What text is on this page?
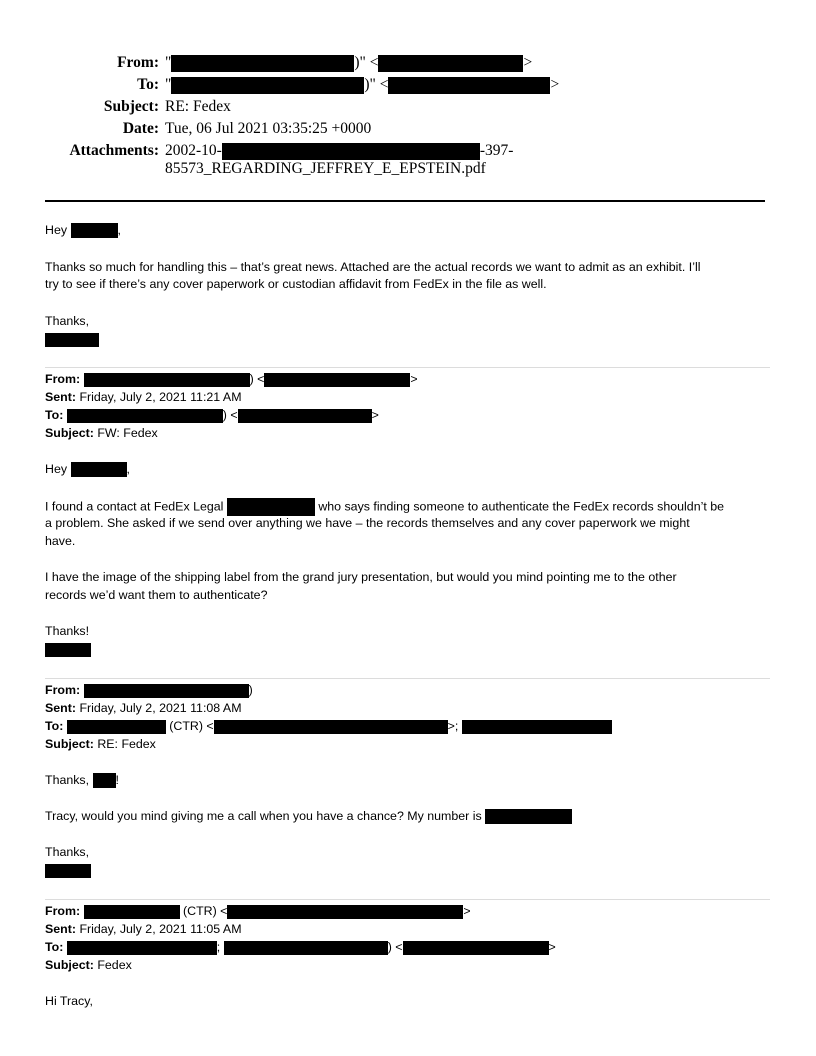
From: "	)" <	>
To: "	)" <	>
Subject: RE: Fedex
Date: Tue, 06 Jul 2021 03:35:25 +0000
Attachments: 2002-10-	-397-
85573_REGARDING_JEFFREY_E_EPSTEIN.pdf
Hey	,
Thanks so much for handling this – that’s great news. Attached are the actual records we want to admit as an exhibit. I’ll
try to see if there’s any cover paperwork or custodian affidavit from FedEx in the file as well.
Thanks,
From:	) <	>
Sent: Friday, July 2, 2021 11:21 AM
To:	) <	>
Subject: FW: Fedex
Hey	,
I found a contact at FedEx Legal	who says finding someone to authenticate the FedEx records shouldn’t be
a problem. She asked if we send over anything we have – the records themselves and any cover paperwork we might
have.
I have the image of the shipping label from the grand jury presentation, but would you mind pointing me to the other
records we’d want them to authenticate?
Thanks!
From:	)
Sent: Friday, July 2, 2021 11:08 AM
To:	(CTR) <	>;
Subject: RE: Fedex
Thanks, !
Tracy, would you mind giving me a call when you have a chance? My number is
Thanks,
From:	(CTR) <	>
Sent: Friday, July 2, 2021 11:05 AM
To:	;	) <	>
Subject: Fedex
Hi Tracy,
